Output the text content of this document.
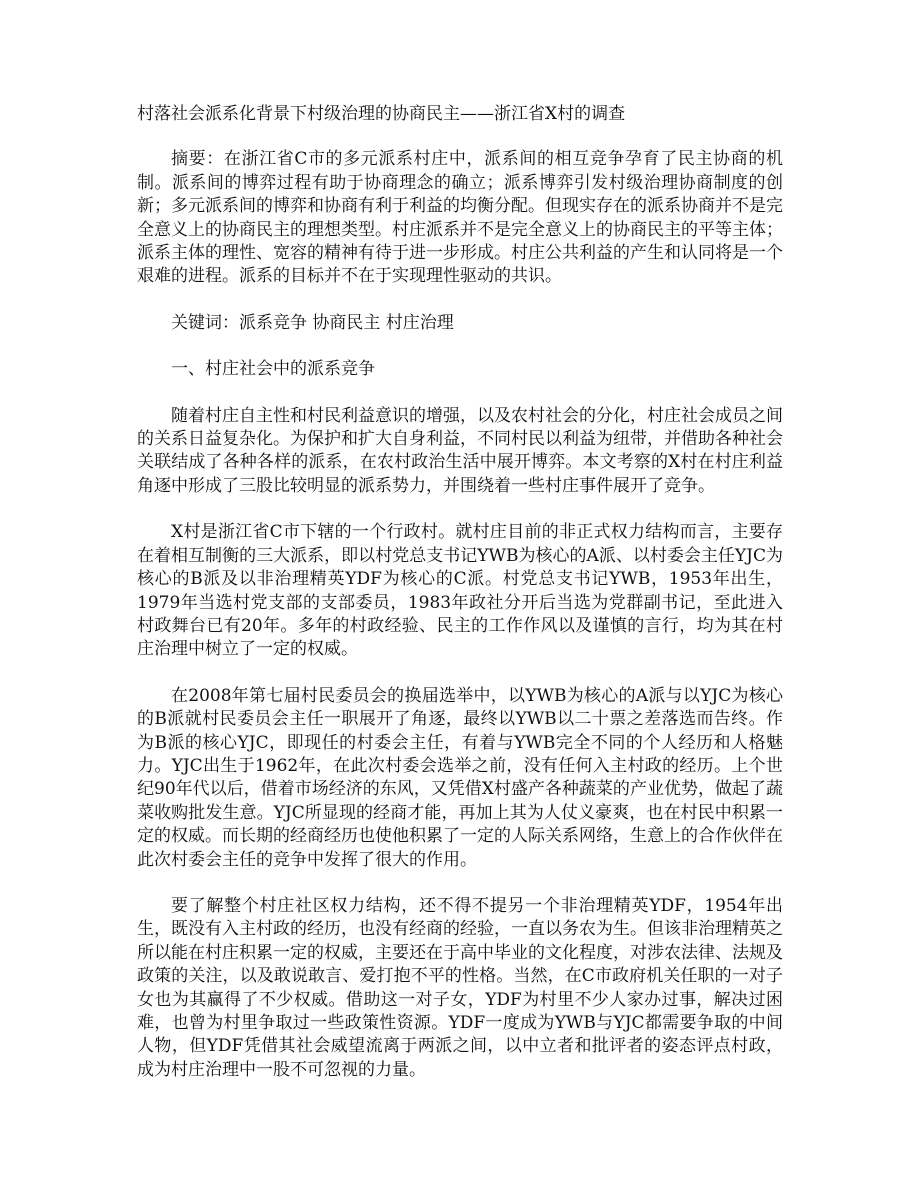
村落社会派系化背景下村级治理的协商民主——浙江省X村的调查

摘要：在浙江省C市的多元派系村庄中，派系间的相互竞争孕育了民主协商的机制。派系间的博弈过程有助于协商理念的确立；派系博弈引发村级治理协商制度的创新；多元派系间的博弈和协商有利于利益的均衡分配。但现实存在的派系协商并不是完全意义上的协商民主的理想类型。村庄派系并不是完全意义上的协商民主的平等主体；派系主体的理性、宽容的精神有待于进一步形成。村庄公共利益的产生和认同将是一个艰难的进程。派系的目标并不在于实现理性驱动的共识。

关键词：派系竞争 协商民主 村庄治理

一、村庄社会中的派系竞争

随着村庄自主性和村民利益意识的增强，以及农村社会的分化，村庄社会成员之间的关系日益复杂化。为保护和扩大自身利益，不同村民以利益为纽带，并借助各种社会关联结成了各种各样的派系，在农村政治生活中展开博弈。本文考察的X村在村庄利益角逐中形成了三股比较明显的派系势力，并围绕着一些村庄事件展开了竞争。

X村是浙江省C市下辖的一个行政村。就村庄目前的非正式权力结构而言，主要存在着相互制衡的三大派系，即以村党总支书记YWB为核心的A派、以村委会主任YJC为核心的B派及以非治理精英YDF为核心的C派。村党总支书记YWB，1953年出生，1979年当选村党支部的支部委员，1983年政社分开后当选为党群副书记，至此进入村政舞台已有20年。多年的村政经验、民主的工作作风以及谨慎的言行，均为其在村庄治理中树立了一定的权威。

在2008年第七届村民委员会的换届选举中，以YWB为核心的A派与以YJC为核心的B派就村民委员会主任一职展开了角逐，最终以YWB以二十票之差落选而告终。作为B派的核心YJC，即现任的村委会主任，有着与YWB完全不同的个人经历和人格魅力。YJC出生于1962年，在此次村委会选举之前，没有任何入主村政的经历。上个世纪90年代以后，借着市场经济的东风，又凭借X村盛产各种蔬菜的产业优势，做起了蔬菜收购批发生意。YJC所显现的经商才能，再加上其为人仗义豪爽，也在村民中积累一定的权威。而长期的经商经历也使他积累了一定的人际关系网络，生意上的合作伙伴在此次村委会主任的竞争中发挥了很大的作用。

要了解整个村庄社区权力结构，还不得不提另一个非治理精英YDF，1954年出生，既没有入主村政的经历，也没有经商的经验，一直以务农为生。但该非治理精英之所以能在村庄积累一定的权威，主要还在于高中毕业的文化程度，对涉农法律、法规及政策的关注，以及敢说敢言、爱打抱不平的性格。当然，在C市政府机关任职的一对子女也为其赢得了不少权威。借助这一对子女，YDF为村里不少人家办过事，解决过困难，也曾为村里争取过一些政策性资源。YDF一度成为YWB与YJC都需要争取的中间人物，但YDF凭借其社会威望流离于两派之间，以中立者和批评者的姿态评点村政，成为村庄治理中一股不可忽视的力量。
